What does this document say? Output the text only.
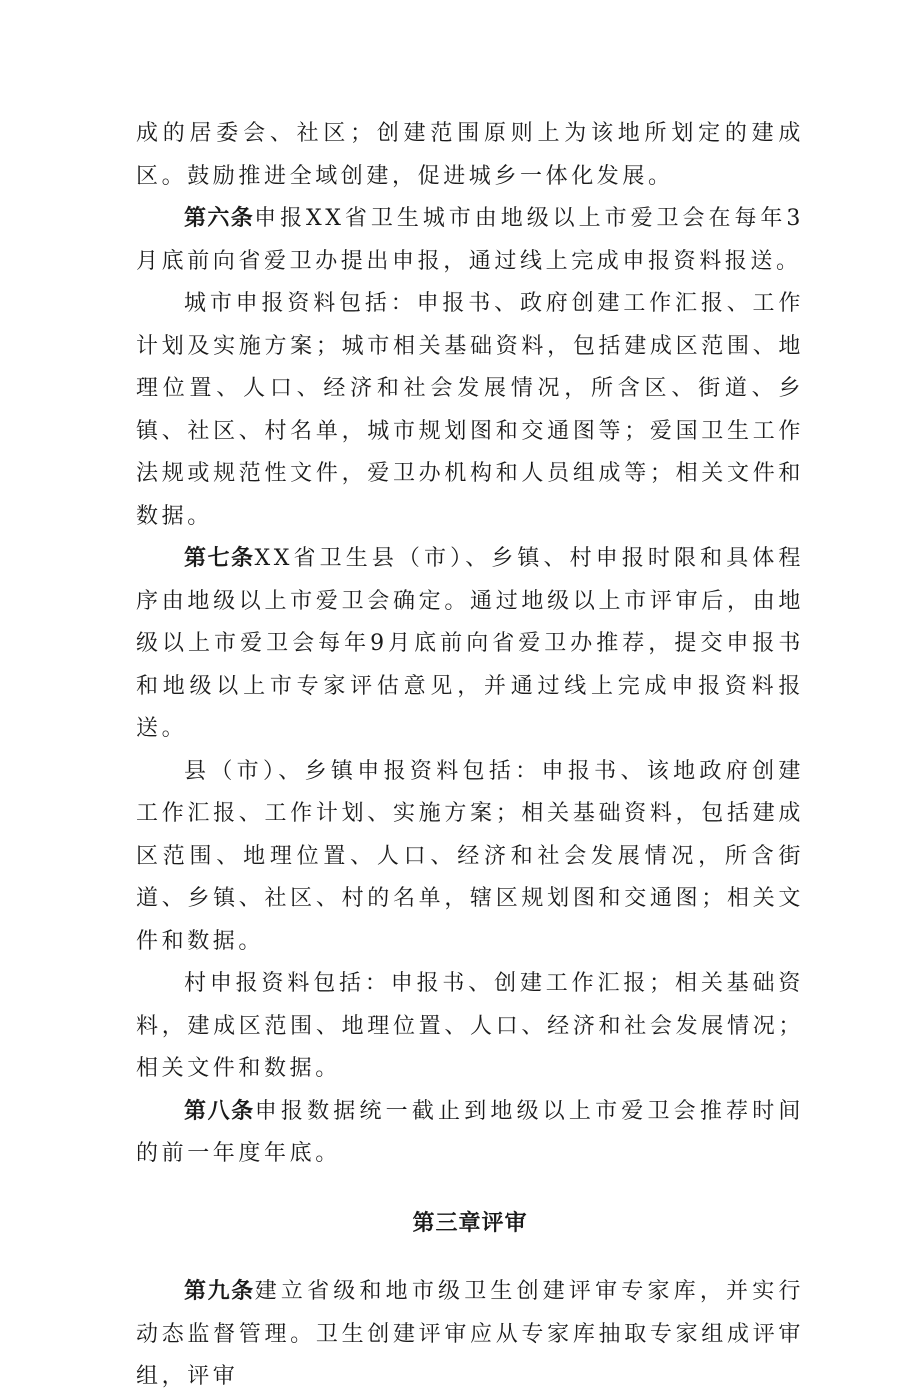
成的居委会、社区；创建范围原则上为该地所划定的建成区。鼓励推进全域创建，促进城乡一体化发展。

第六条申报XX省卫生城市由地级以上市爱卫会在每年3月底前向省爱卫办提出申报，通过线上完成申报资料报送。

城市申报资料包括：申报书、政府创建工作汇报、工作计划及实施方案；城市相关基础资料，包括建成区范围、地理位置、人口、经济和社会发展情况，所含区、街道、乡镇、社区、村名单，城市规划图和交通图等；爱国卫生工作法规或规范性文件，爱卫办机构和人员组成等；相关文件和数据。

第七条XX省卫生县（市）、乡镇、村申报时限和具体程序由地级以上市爱卫会确定。通过地级以上市评审后，由地级以上市爱卫会每年9月底前向省爱卫办推荐，提交申报书和地级以上市专家评估意见，并通过线上完成申报资料报送。

县（市）、乡镇申报资料包括：申报书、该地政府创建工作汇报、工作计划、实施方案；相关基础资料，包括建成区范围、地理位置、人口、经济和社会发展情况，所含街道、乡镇、社区、村的名单，辖区规划图和交通图；相关文件和数据。

村申报资料包括：申报书、创建工作汇报；相关基础资料，建成区范围、地理位置、人口、经济和社会发展情况；相关文件和数据。

第八条申报数据统一截止到地级以上市爱卫会推荐时间的前一年度年底。

第三章评审

第九条建立省级和地市级卫生创建评审专家库，并实行动态监督管理。卫生创建评审应从专家库抽取专家组成评审组，评审
